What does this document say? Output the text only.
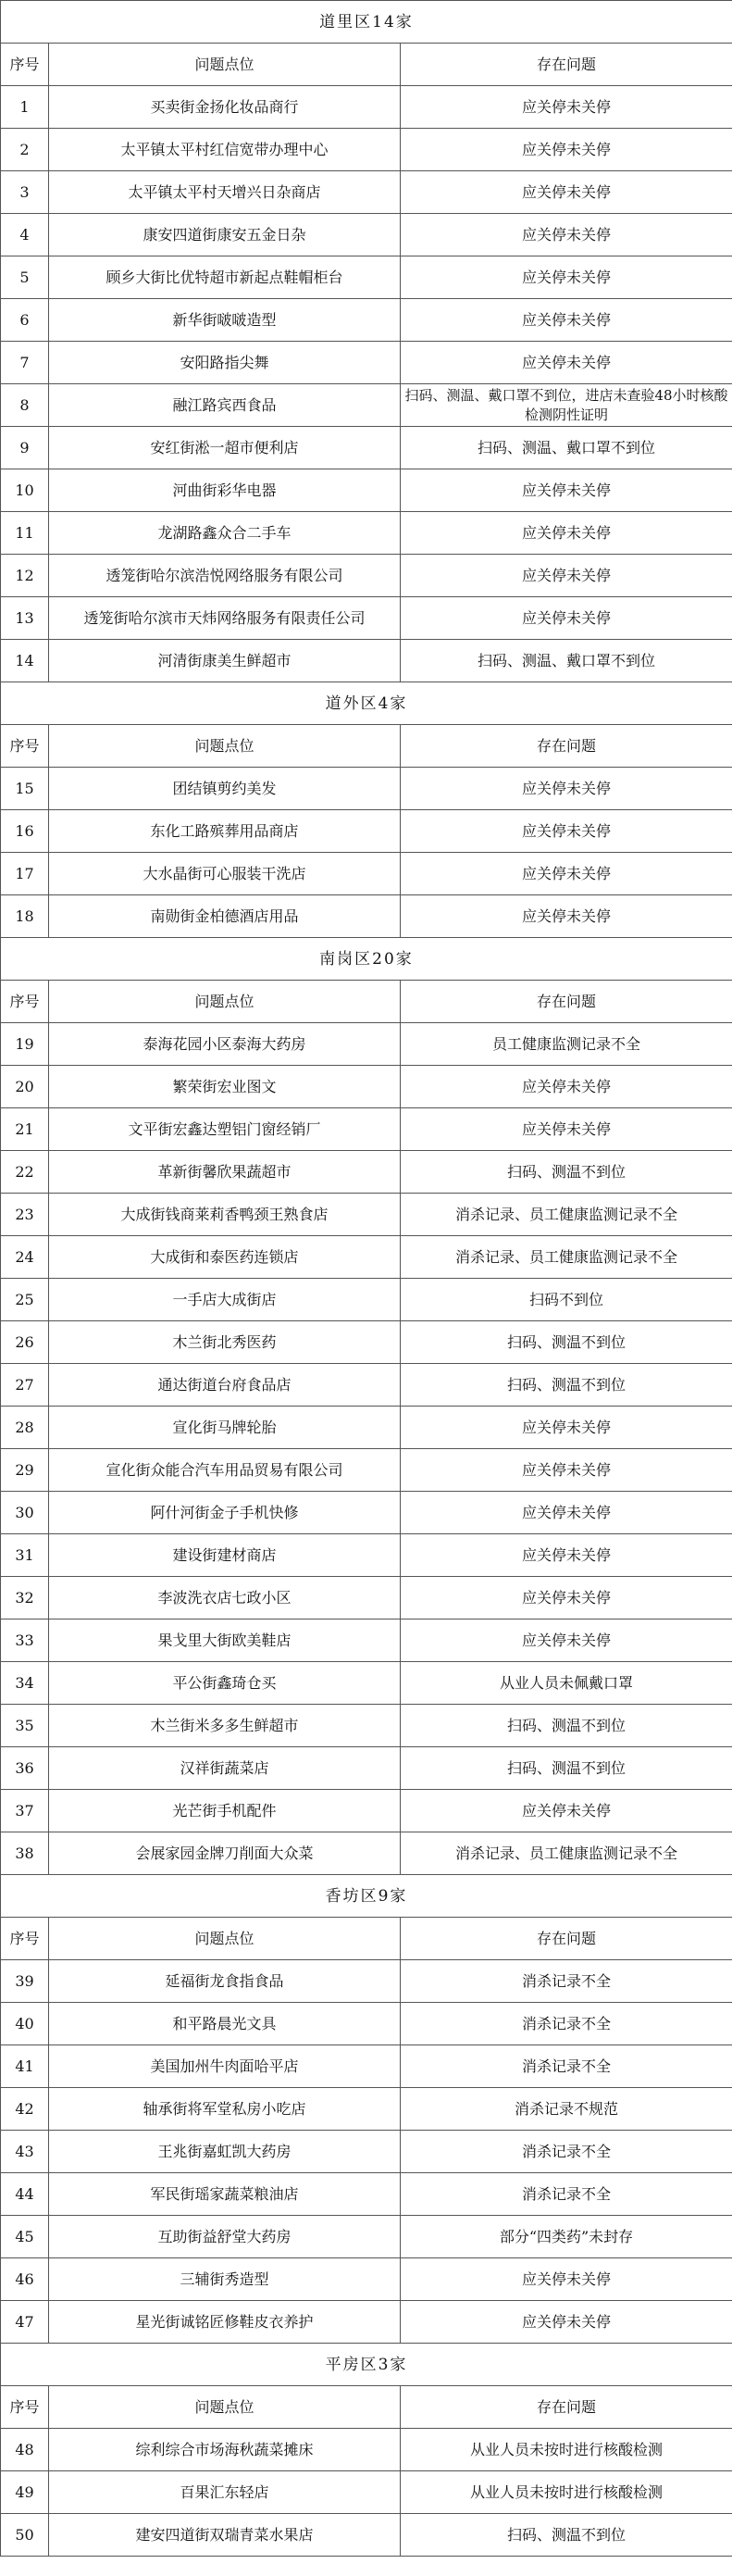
道里区14家		
序号	问题点位	存在问题
1	买卖街金扬化妆品商行	应关停未关停
2	太平镇太平村红信宽带办理中心	应关停未关停
3	太平镇太平村天增兴日杂商店	应关停未关停
4	康安四道街康安五金日杂	应关停未关停
5	顾乡大街比优特超市新起点鞋帽柜台	应关停未关停
6	新华街啵啵造型	应关停未关停
7	安阳路指尖舞	应关停未关停
8	融江路宾西食品	扫码、测温、戴口罩不到位，进店未查验48小时核酸检测阴性证明
9	安红街淞一超市便利店	扫码、测温、戴口罩不到位
10	河曲街彩华电器	应关停未关停
11	龙湖路鑫众合二手车	应关停未关停
12	透笼街哈尔滨浩悦网络服务有限公司	应关停未关停
13	透笼街哈尔滨市天炜网络服务有限责任公司	应关停未关停
14	河清街康美生鲜超市	扫码、测温、戴口罩不到位
道外区4家		
序号	问题点位	存在问题
15	团结镇剪约美发	应关停未关停
16	东化工路殡葬用品商店	应关停未关停
17	大水晶街可心服装干洗店	应关停未关停
18	南勋街金柏德酒店用品	应关停未关停
南岗区20家		
序号	问题点位	存在问题
19	泰海花园小区泰海大药房	员工健康监测记录不全
20	繁荣街宏业图文	应关停未关停
21	文平街宏鑫达塑铝门窗经销厂	应关停未关停
22	革新街馨欣果蔬超市	扫码、测温不到位
23	大成街钱商莱莉香鸭颈王熟食店	消杀记录、员工健康监测记录不全
24	大成街和泰医药连锁店	消杀记录、员工健康监测记录不全
25	一手店大成街店	扫码不到位
26	木兰街北秀医药	扫码、测温不到位
27	通达街道台府食品店	扫码、测温不到位
28	宣化街马牌轮胎	应关停未关停
29	宣化街众能合汽车用品贸易有限公司	应关停未关停
30	阿什河街金子手机快修	应关停未关停
31	建设街建材商店	应关停未关停
32	李波洗衣店七政小区	应关停未关停
33	果戈里大街欧美鞋店	应关停未关停
34	平公街鑫琦仓买	从业人员未佩戴口罩
35	木兰街米多多生鲜超市	扫码、测温不到位
36	汉祥街蔬菜店	扫码、测温不到位
37	光芒街手机配件	应关停未关停
38	会展家园金牌刀削面大众菜	消杀记录、员工健康监测记录不全
香坊区9家		
序号	问题点位	存在问题
39	延福街龙食指食品	消杀记录不全
40	和平路晨光文具	消杀记录不全
41	美国加州牛肉面哈平店	消杀记录不全
42	轴承街将军堂私房小吃店	消杀记录不规范
43	王兆街嘉虹凯大药房	消杀记录不全
44	军民街瑶家蔬菜粮油店	消杀记录不全
45	互助街益舒堂大药房	部分“四类药”未封存
46	三辅街秀造型	应关停未关停
47	星光街诚铭匠修鞋皮衣养护	应关停未关停
平房区3家		
序号	问题点位	存在问题
48	综利综合市场海秋蔬菜摊床	从业人员未按时进行核酸检测
49	百果汇东轻店	从业人员未按时进行核酸检测
50	建安四道街双瑞青菜水果店	扫码、测温不到位
